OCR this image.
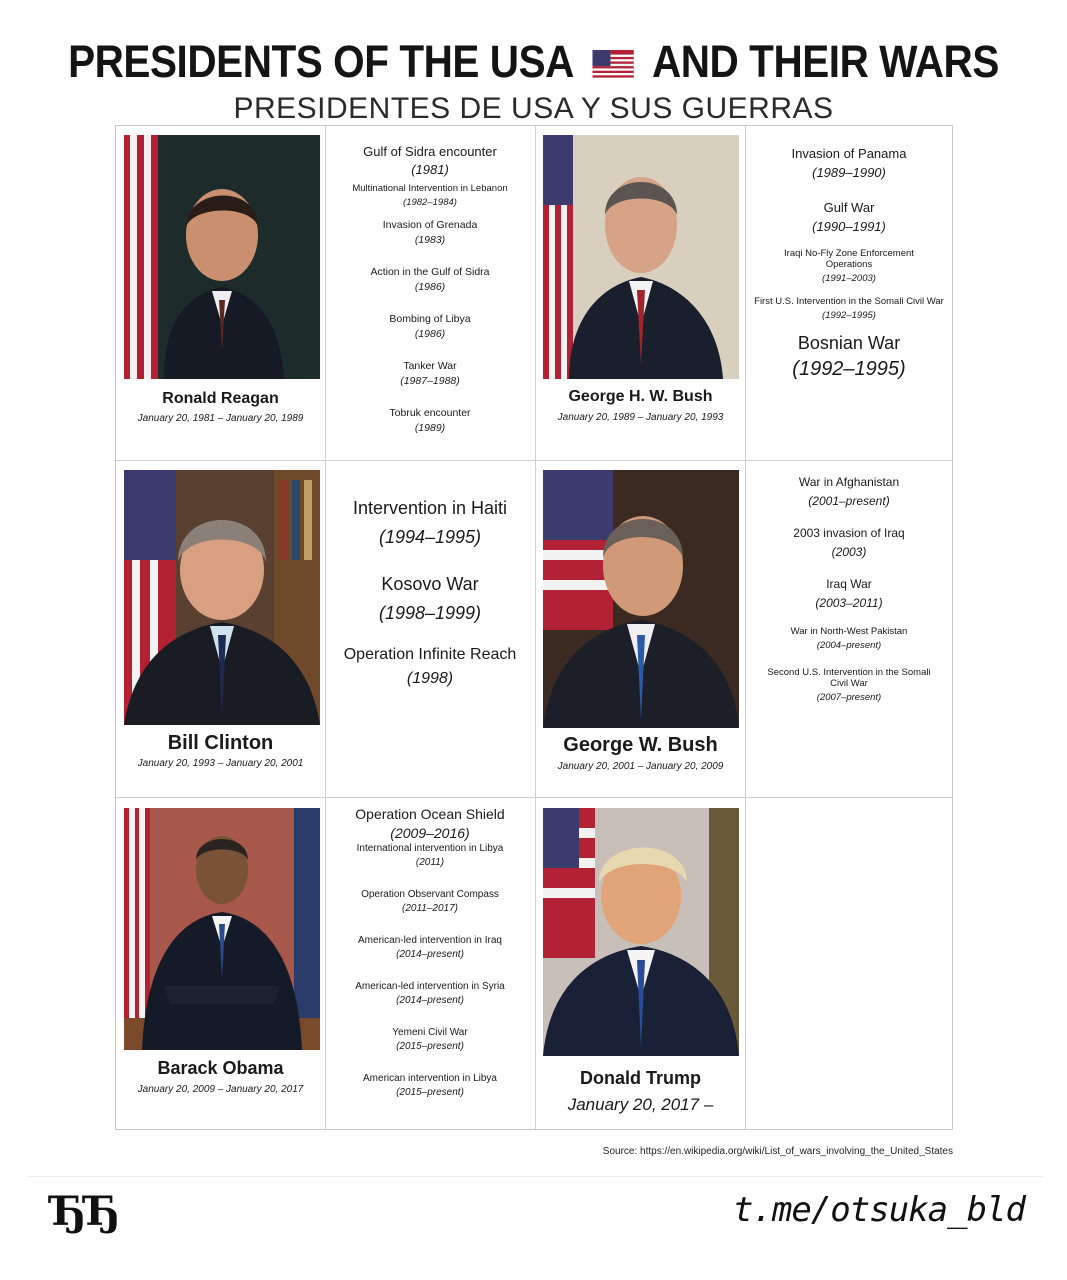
PRESIDENTS OF THE USA AND THEIR WARS
PRESIDENTES DE USA Y SUS GUERRAS
Ronald Reagan
January 20, 1981 – January 20, 1989
Gulf of Sidra encounter
(1981)
Multinational Intervention in Lebanon
(1982–1984)
Invasion of Grenada
(1983)
Action in the Gulf of Sidra
(1986)
Bombing of Libya
(1986)
Tanker War
(1987–1988)
Tobruk encounter
(1989)
George H. W. Bush
January 20, 1989 – January 20, 1993
Invasion of Panama
(1989–1990)
Gulf War
(1990–1991)
Iraqi No-Fly Zone Enforcement Operations
(1991–2003)
First U.S. Intervention in the Somali Civil War
(1992–1995)
Bosnian War
(1992–1995)
Bill Clinton
January 20, 1993 – January 20, 2001
Intervention in Haiti
(1994–1995)
Kosovo War
(1998–1999)
Operation Infinite Reach
(1998)
George W. Bush
January 20, 2001 – January 20, 2009
War in Afghanistan
(2001–present)
2003 invasion of Iraq
(2003)
Iraq War
(2003–2011)
War in North-West Pakistan
(2004–present)
Second U.S. Intervention in the Somali Civil War
(2007–present)
Barack Obama
January 20, 2009 – January 20, 2017
Operation Ocean Shield
(2009–2016)
International intervention in Libya
(2011)
Operation Observant Compass
(2011–2017)
American-led intervention in Iraq
(2014–present)
American-led intervention in Syria
(2014–present)
Yemeni Civil War
(2015–present)
American intervention in Libya
(2015–present)
Donald Trump
January 20, 2017 –
Source: https://en.wikipedia.org/wiki/List_of_wars_involving_the_United_States
ЂЂ	t.me/otsuka_bld
